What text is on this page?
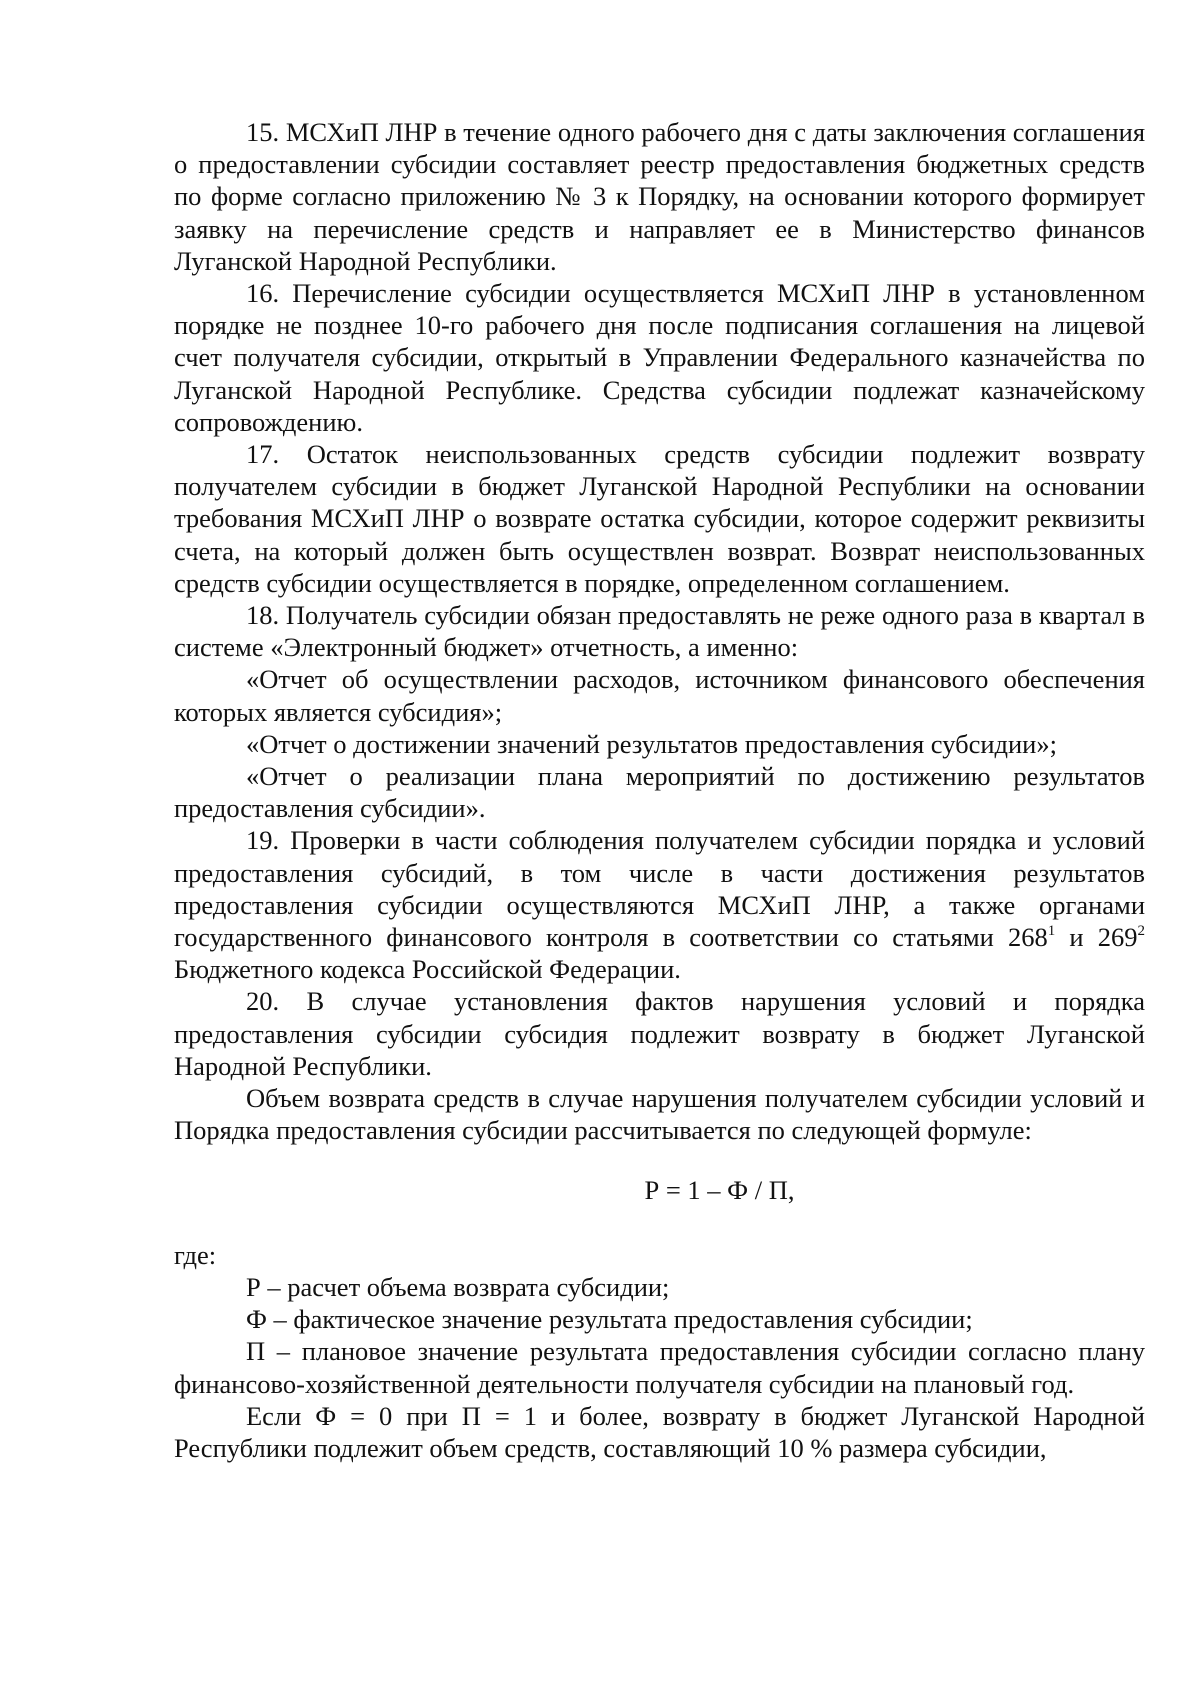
15. МСХиП ЛНР в течение одного рабочего дня с даты заключения соглашения о предоставлении субсидии составляет реестр предоставления бюджетных средств по форме согласно приложению № 3 к Порядку, на основании которого формирует заявку на перечисление средств и направляет ее в Министерство финансов Луганской Народной Республики.

16. Перечисление субсидии осуществляется МСХиП ЛНР в установленном порядке не позднее 10-го рабочего дня после подписания соглашения на лицевой счет получателя субсидии, открытый в Управлении Федерального казначейства по Луганской Народной Республике. Средства субсидии подлежат казначейскому сопровождению.

17. Остаток неиспользованных средств субсидии подлежит возврату получателем субсидии в бюджет Луганской Народной Республики на основании требования МСХиП ЛНР о возврате остатка субсидии, которое содержит реквизиты счета, на который должен быть осуществлен возврат. Возврат неиспользованных средств субсидии осуществляется в порядке, определенном соглашением.

18. Получатель субсидии обязан предоставлять не реже одного раза в квартал в системе «Электронный бюджет» отчетность, а именно:

«Отчет об осуществлении расходов, источником финансового обеспечения которых является субсидия»;

«Отчет о достижении значений результатов предоставления субсидии»;

«Отчет о реализации плана мероприятий по достижению результатов предоставления субсидии».

19. Проверки в части соблюдения получателем субсидии порядка и условий предоставления субсидий, в том числе в части достижения результатов предоставления субсидии осуществляются МСХиП ЛНР, а также органами государственного финансового контроля в соответствии со статьями $268^1$ и $269^2$ Бюджетного кодекса Российской Федерации.

20. В случае установления фактов нарушения условий и порядка предоставления субсидии субсидия подлежит возврату в бюджет Луганской Народной Республики.

Объем возврата средств в случае нарушения получателем субсидии условий и Порядка предоставления субсидии рассчитывается по следующей формуле:

Р = 1 – Ф / П,

где:

Р – расчет объема возврата субсидии;

Ф – фактическое значение результата предоставления субсидии;

П – плановое значение результата предоставления субсидии согласно плану финансово-хозяйственной деятельности получателя субсидии на плановый год.

Если Ф = 0 при П = 1 и более, возврату в бюджет Луганской Народной Республики подлежит объем средств, составляющий 10 % размера субсидии,
